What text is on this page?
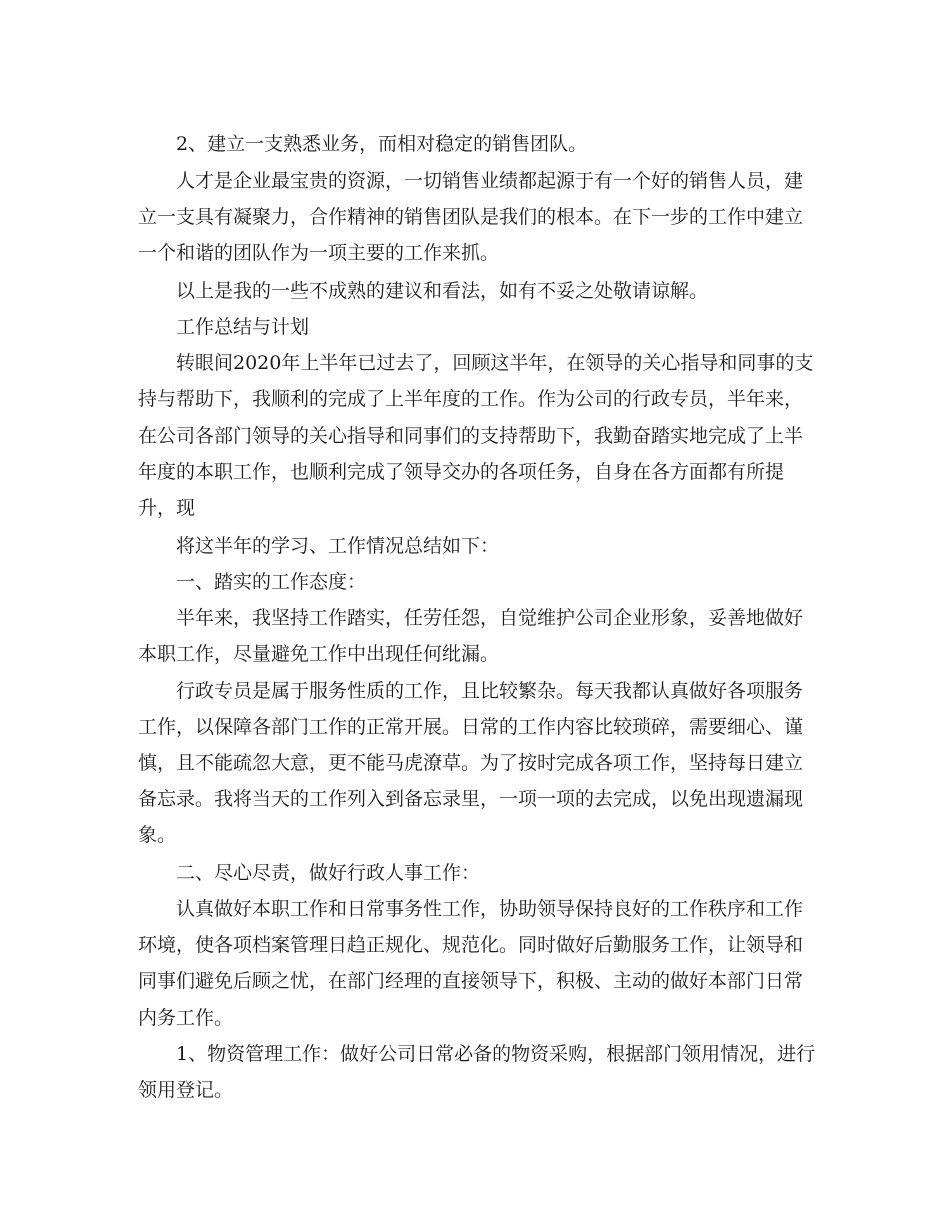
　　2、建立一支熟悉业务，而相对稳定的销售团队。

　　人才是企业最宝贵的资源，一切销售业绩都起源于有一个好的销售人员，建

立一支具有凝聚力，合作精神的销售团队是我们的根本。在下一步的工作中建立

一个和谐的团队作为一项主要的工作来抓。

　　以上是我的一些不成熟的建议和看法，如有不妥之处敬请谅解。

　　工作总结与计划

　　转眼间2020年上半年已过去了，回顾这半年，在领导的关心指导和同事的支

持与帮助下，我顺利的完成了上半年度的工作。作为公司的行政专员，半年来，

在公司各部门领导的关心指导和同事们的支持帮助下，我勤奋踏实地完成了上半

年度的本职工作，也顺利完成了领导交办的各项任务，自身在各方面都有所提

升，现

　　将这半年的学习、工作情况总结如下：

　　一、踏实的工作态度：

　　半年来，我坚持工作踏实，任劳任怨，自觉维护公司企业形象，妥善地做好

本职工作，尽量避免工作中出现任何纰漏。

　　行政专员是属于服务性质的工作，且比较繁杂。每天我都认真做好各项服务

工作，以保障各部门工作的正常开展。日常的工作内容比较琐碎，需要细心、谨

慎，且不能疏忽大意，更不能马虎潦草。为了按时完成各项工作，坚持每日建立

备忘录。我将当天的工作列入到备忘录里，一项一项的去完成，以免出现遗漏现

象。

　　二、尽心尽责，做好行政人事工作：

　　认真做好本职工作和日常事务性工作，协助领导保持良好的工作秩序和工作

环境，使各项档案管理日趋正规化、规范化。同时做好后勤服务工作，让领导和

同事们避免后顾之忧，在部门经理的直接领导下，积极、主动的做好本部门日常

内务工作。

　　1、物资管理工作：做好公司日常必备的物资采购，根据部门领用情况，进行

领用登记。
